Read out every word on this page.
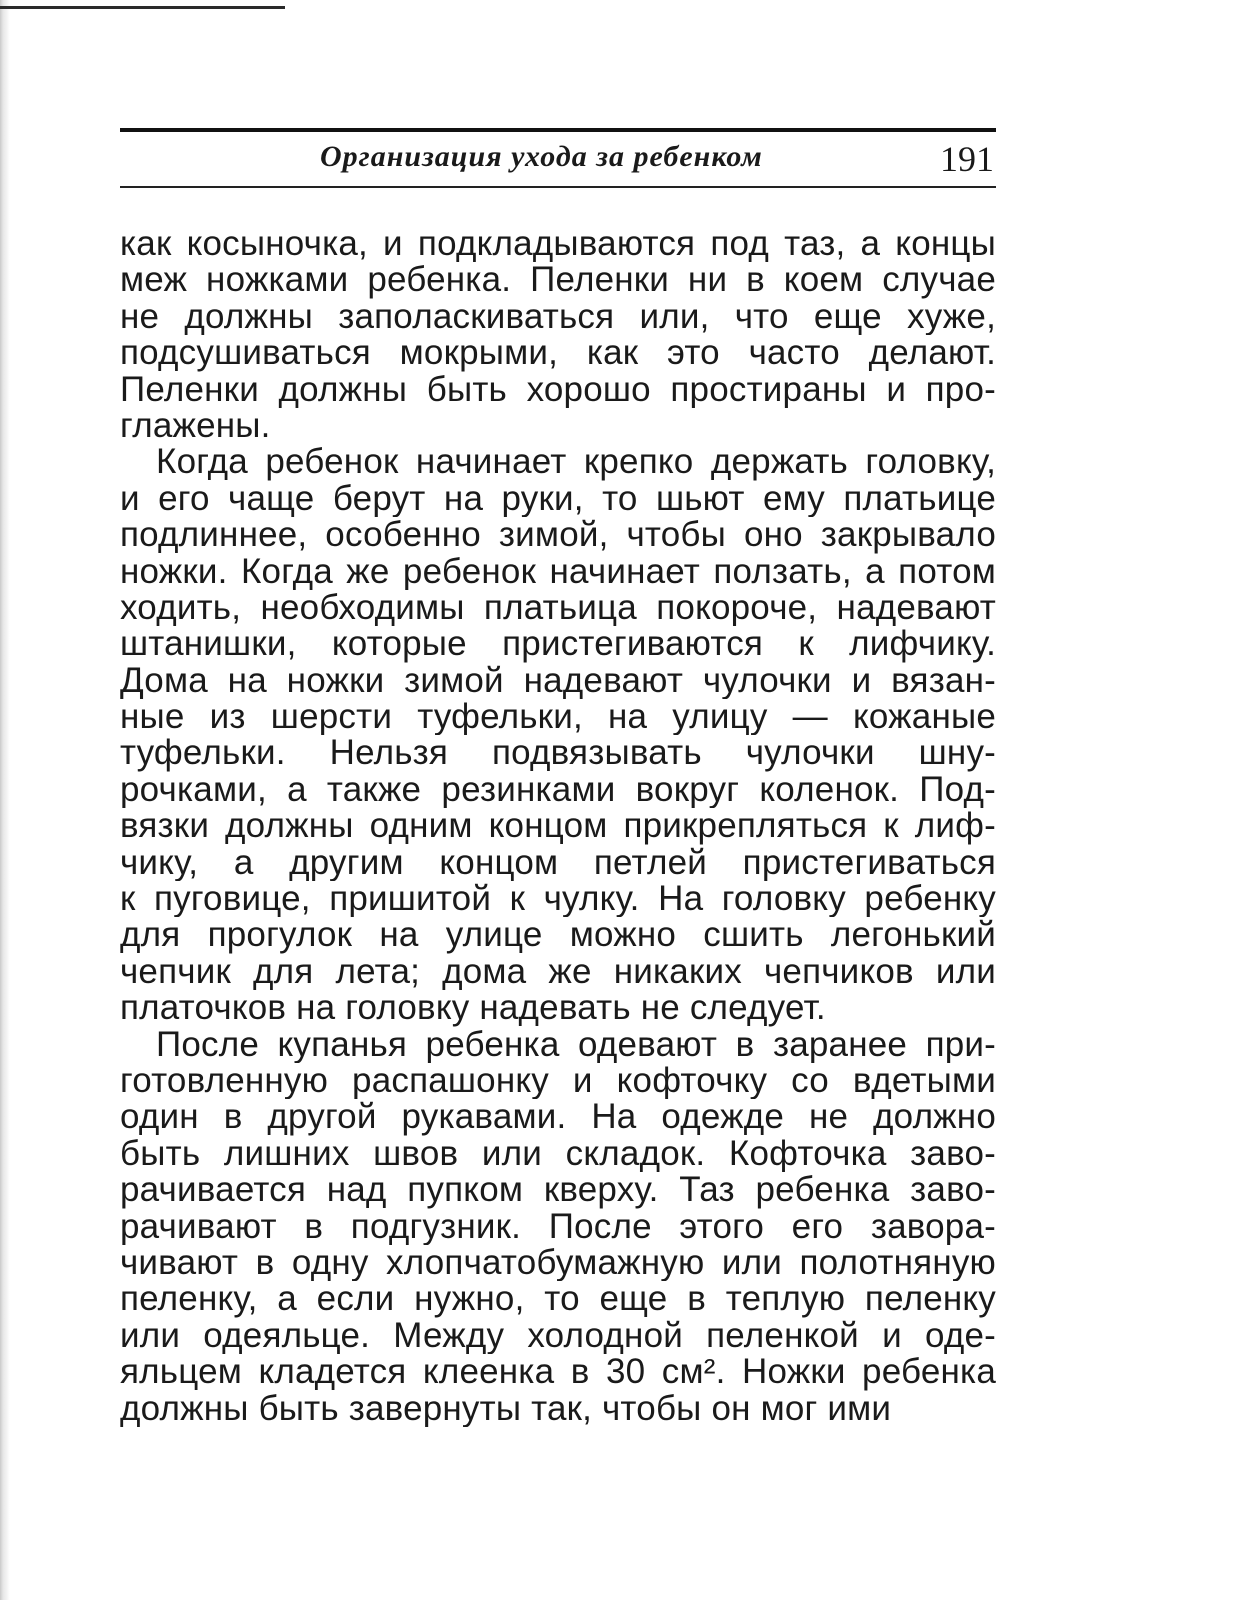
Организация ухода за ребенком	191
как косыночка, и подкладываются под таз, а концы
меж ножками ребенка. Пеленки ни в коем случае
не должны заполаскиваться или, что еще хуже,
подсушиваться мокрыми, как это часто делают.
Пеленки должны быть хорошо простираны и про-
глажены.
Когда ребенок начинает крепко держать головку,
и его чаще берут на руки, то шьют ему платьице
подлиннее, особенно зимой, чтобы оно закрывало
ножки. Когда же ребенок начинает ползать, а потом
ходить, необходимы платьица покороче, надевают
штанишки, которые пристегиваются к лифчику.
Дома на ножки зимой надевают чулочки и вязан-
ные из шерсти туфельки, на улицу — кожаные
туфельки. Нельзя подвязывать чулочки шну-
рочками, а также резинками вокруг коленок. Под-
вязки должны одним концом прикрепляться к лиф-
чику, а другим концом петлей пристегиваться
к пуговице, пришитой к чулку. На головку ребенку
для прогулок на улице можно сшить легонький
чепчик для лета; дома же никаких чепчиков или
платочков на головку надевать не следует.
После купанья ребенка одевают в заранее при-
готовленную распашонку и кофточку со вдетыми
один в другой рукавами. На одежде не должно
быть лишних швов или складок. Кофточка заво-
рачивается над пупком кверху. Таз ребенка заво-
рачивают в подгузник. После этого его завора-
чивают в одну хлопчатобумажную или полотняную
пеленку, а если нужно, то еще в теплую пеленку
или одеяльце. Между холодной пеленкой и оде-
яльцем кладется клеенка в 30 см². Ножки ребенка
должны быть завернуты так, чтобы он мог ими
